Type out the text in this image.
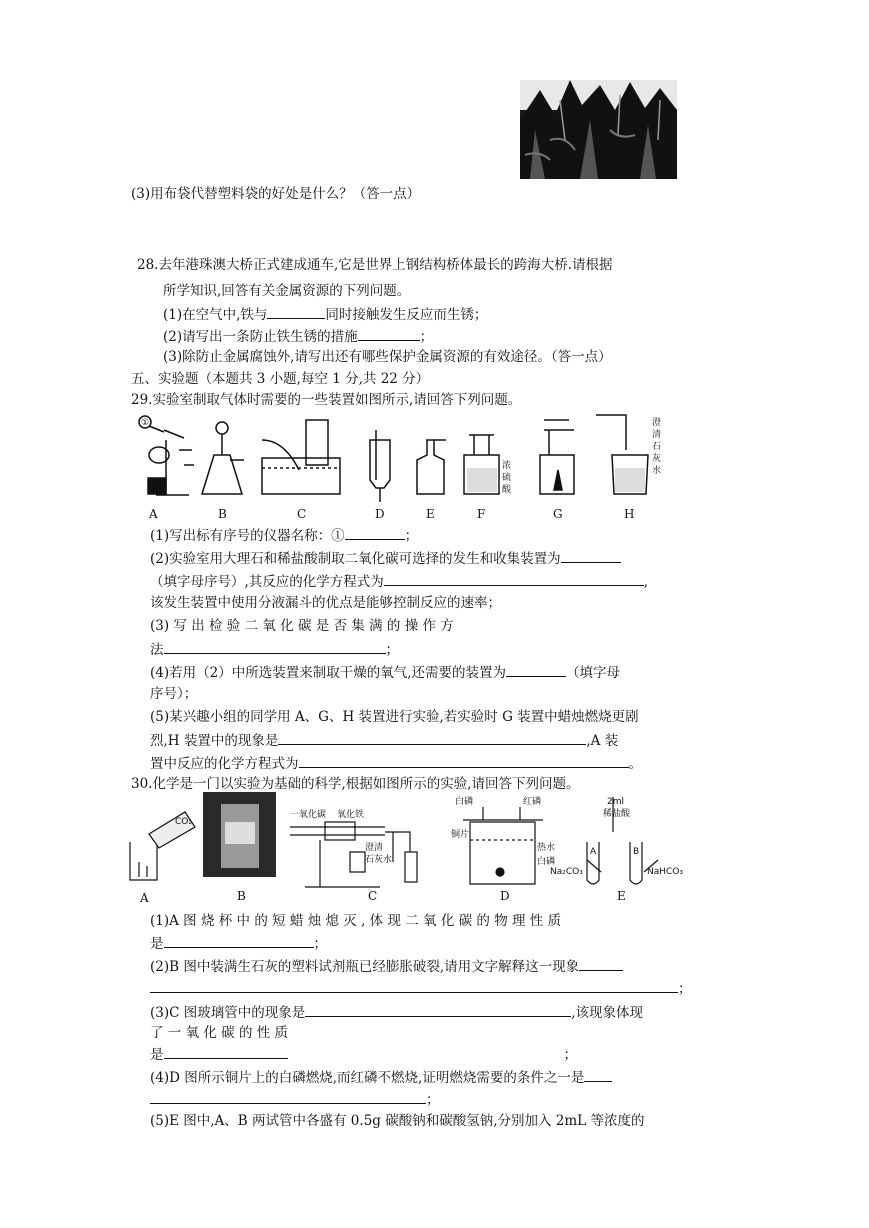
(3)用布袋代替塑料袋的好处是什么？（答一点）
28.去年港珠澳大桥正式建成通车,它是世界上钢结构桥体最长的跨海大桥.请根据
所学知识,回答有关金属资源的下列问题。
(1)在空气中,铁与	同时接触发生反应而生锈；
(2)请写出一条防止铁生锈的措施	；
(3)除防止金属腐蚀外,请写出还有哪些保护金属资源的有效途径。（答一点）
五、实验题（本题共 3 小题,每空 1 分,共 22 分）
29.实验室制取气体时需要的一些装置如图所示,请回答下列问题。
①
浓
硫
酸
澄
清
石
灰
水
A	B	C	D	E	F	G	H
(1)写出标有序号的仪器名称：①	；
(2)实验室用大理石和稀盐酸制取二氧化碳可选择的发生和收集装置为
（填字母序号）,其反应的化学方程式为	,
该发生装置中使用分液漏斗的优点是能够控制反应的速率；
(3) 写 出 检 验 二 氧 化 碳 是 否 集 满 的 操 作 方
法	；
(4)若用（2）中所选装置来制取干燥的氧气,还需要的装置为	（填字母
序号）；
(5)某兴趣小组的同学用 A、G、H 装置进行实验,若实验时 G 装置中蜡烛燃烧更剧
烈,H 装置中的现象是	,A 装
置中反应的化学方程式为	。
30.化学是一门以实验为基础的科学,根据如图所示的实验,请回答下列问题。
CO₂
一氧化碳 氧化铁
澄清
石灰水
白磷	红磷
铜片
热水
白磷
2ml
稀盐酸
A	B
Na₂CO₃	NaHCO₃
A	B	C	D	E
(1)A 图 烧 杯 中 的 短 蜡 烛 熄 灭 , 体 现 二 氧 化 碳 的 物 理 性 质
是	；
(2)B 图中装满生石灰的塑料试剂瓶已经膨胀破裂,请用文字解释这一现象
；
(3)C 图玻璃管中的现象是	,该现象体现
了 一 氧 化 碳 的 性 质
是	；
(4)D 图所示铜片上的白磷燃烧,而红磷不燃烧,证明燃烧需要的条件之一是
；
(5)E 图中,A、B 两试管中各盛有 0.5g 碳酸钠和碳酸氢钠,分别加入 2mL 等浓度的
